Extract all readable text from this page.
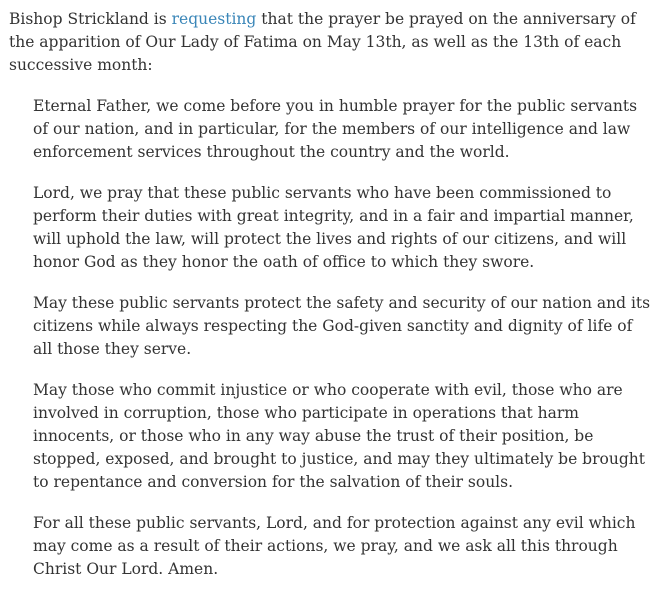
Bishop Strickland is requesting that the prayer be prayed on the anniversary of the apparition of Our Lady of Fatima on May 13th, as well as the 13th of each successive month:

Eternal Father, we come before you in humble prayer for the public servants of our nation, and in particular, for the members of our intelligence and law enforcement services throughout the country and the world.

Lord, we pray that these public servants who have been commissioned to perform their duties with great integrity, and in a fair and impartial manner, will uphold the law, will protect the lives and rights of our citizens, and will honor God as they honor the oath of office to which they swore.

May these public servants protect the safety and security of our nation and its citizens while always respecting the God-given sanctity and dignity of life of all those they serve.

May those who commit injustice or who cooperate with evil, those who are involved in corruption, those who participate in operations that harm innocents, or those who in any way abuse the trust of their position, be stopped, exposed, and brought to justice, and may they ultimately be brought to repentance and conversion for the salvation of their souls.

For all these public servants, Lord, and for protection against any evil which may come as a result of their actions, we pray, and we ask all this through Christ Our Lord. Amen.
